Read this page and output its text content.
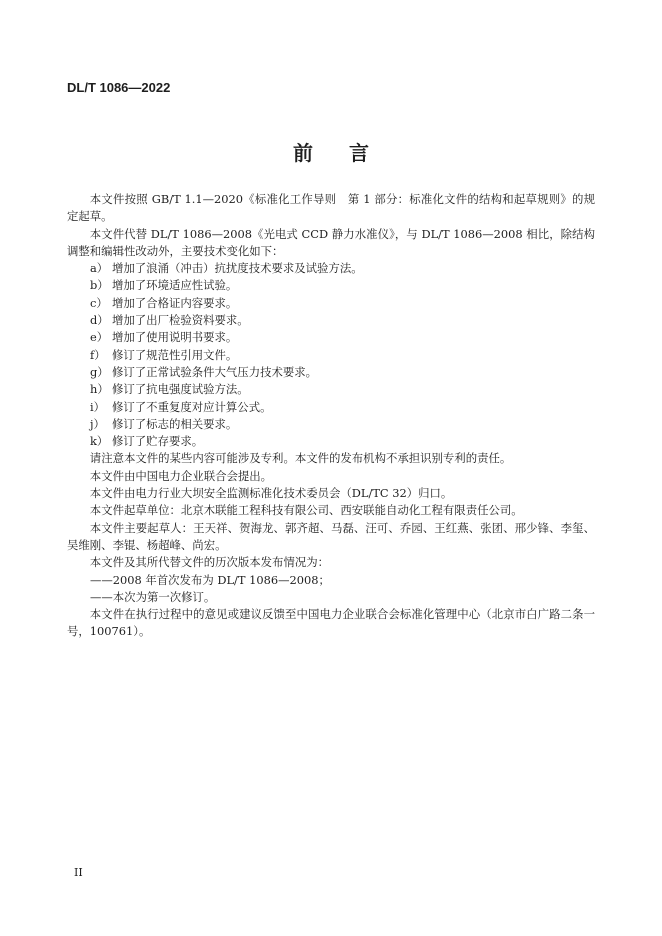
DL/T 1086—2022
前言

本文件按照 GB/T 1.1—2020《标准化工作导则　第 1 部分：标准化文件的结构和起草规则》的规定起草。

本文件代替 DL/T 1086—2008《光电式 CCD 静力水准仪》，与 DL/T 1086—2008 相比，除结构调整和编辑性改动外，主要技术变化如下：

a） 增加了浪涌（冲击）抗扰度技术要求及试验方法。

b） 增加了环境适应性试验。

c） 增加了合格证内容要求。

d） 增加了出厂检验资料要求。

e） 增加了使用说明书要求。

f） 修订了规范性引用文件。

g） 修订了正常试验条件大气压力技术要求。

h） 修订了抗电强度试验方法。

i） 修订了不重复度对应计算公式。

j） 修订了标志的相关要求。

k） 修订了贮存要求。

请注意本文件的某些内容可能涉及专利。本文件的发布机构不承担识别专利的责任。

本文件由中国电力企业联合会提出。

本文件由电力行业大坝安全监测标准化技术委员会（DL/TC 32）归口。

本文件起草单位：北京木联能工程科技有限公司、西安联能自动化工程有限责任公司。

本文件主要起草人：王天祥、贺海龙、郭齐超、马磊、汪可、乔园、王红燕、张团、邢少锋、李玺、吴维刚、李锟、杨超峰、尚宏。

本文件及其所代替文件的历次版本发布情况为：

——2008 年首次发布为 DL/T 1086—2008；

——本次为第一次修订。

本文件在执行过程中的意见或建议反馈至中国电力企业联合会标准化管理中心（北京市白广路二条一号，100761）。

II
